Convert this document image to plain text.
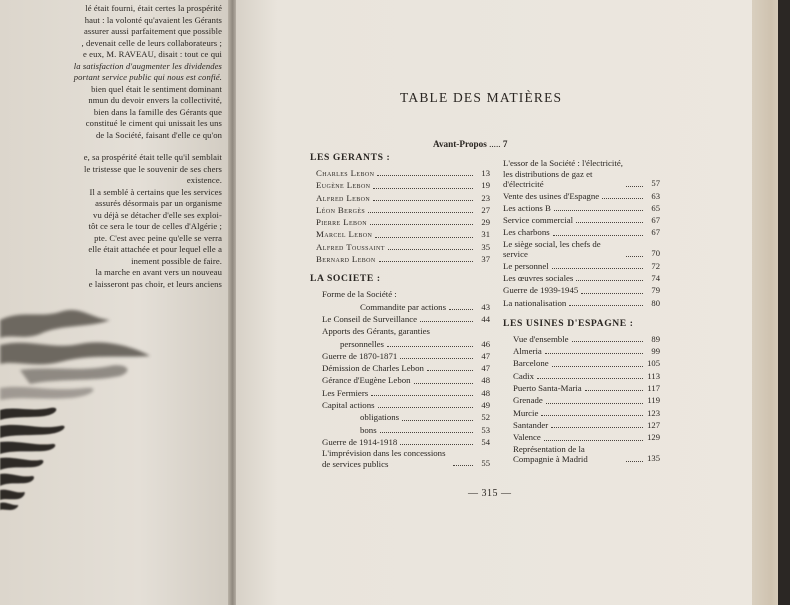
lé était fourni, était certes la prospérité
haut : la volonté qu'avaient les Gérants
assurer aussi parfaitement que possible
, devenait celle de leurs collaborateurs ;
e eux, M. RAVEAU, disait : tout ce qui
la satisfaction d'augmenter les dividendes
portant service public qui nous est confié.
bien quel était le sentiment dominant
nmun du devoir envers la collectivité,
bien dans la famille des Gérants que
constitué le ciment qui unissait les uns
de la Société, faisant d'elle ce qu'on
e, sa prospérité était telle qu'il semblait
le tristesse que le souvenir de ses chers
existence.
Il a semblé à certains que les services
assurés désormais par un organisme
vu déjà se détacher d'elle ses exploi-
tôt ce sera le tour de celles d'Algérie ;
pte. C'est avec peine qu'elle se verra
elle était attachée et pour lequel elle a
inement possible de faire.
la marche en avant vers un nouveau
e laisseront pas choir, et leurs anciens
TABLE DES MATIÈRES
Avant-Propos ..... 7
LES GERANTS :
Charles Lebon	13
Eugène Lebon	19
Alfred Lebon	23
Léon Bergès	27
Pierre Lebon	29
Marcel Lebon	31
Alfred Toussaint	35
Bernard Lebon	37
LA SOCIETE :
Forme de la Société :
Commandite par actions	43
Le Conseil de Surveillance	44
Apports des Gérants, garanties
personnelles	46
Guerre de 1870-1871	47
Démission de Charles Lebon	47
Gérance d'Eugène Lebon	48
Les Fermiers	48
Capital actions	49
obligations	52
bons	53
Guerre de 1914-1918	54
L'imprévision dans les concessions de services publics	55
L'essor de la Société : l'électricité, les distributions de gaz et d'électricité	57
Vente des usines d'Espagne	63
Les actions B	65
Service commercial	67
Les charbons	67
Le siège social, les chefs de service	70
Le personnel	72
Les œuvres sociales	74
Guerre de 1939-1945	79
La nationalisation	80
LES USINES D'ESPAGNE :
Vue d'ensemble	89
Almeria	99
Barcelone	105
Cadix	113
Puerto Santa-Maria	117
Grenade	119
Murcie	123
Santander	127
Valence	129
Représentation de la Compagnie à Madrid	135
— 315 —
